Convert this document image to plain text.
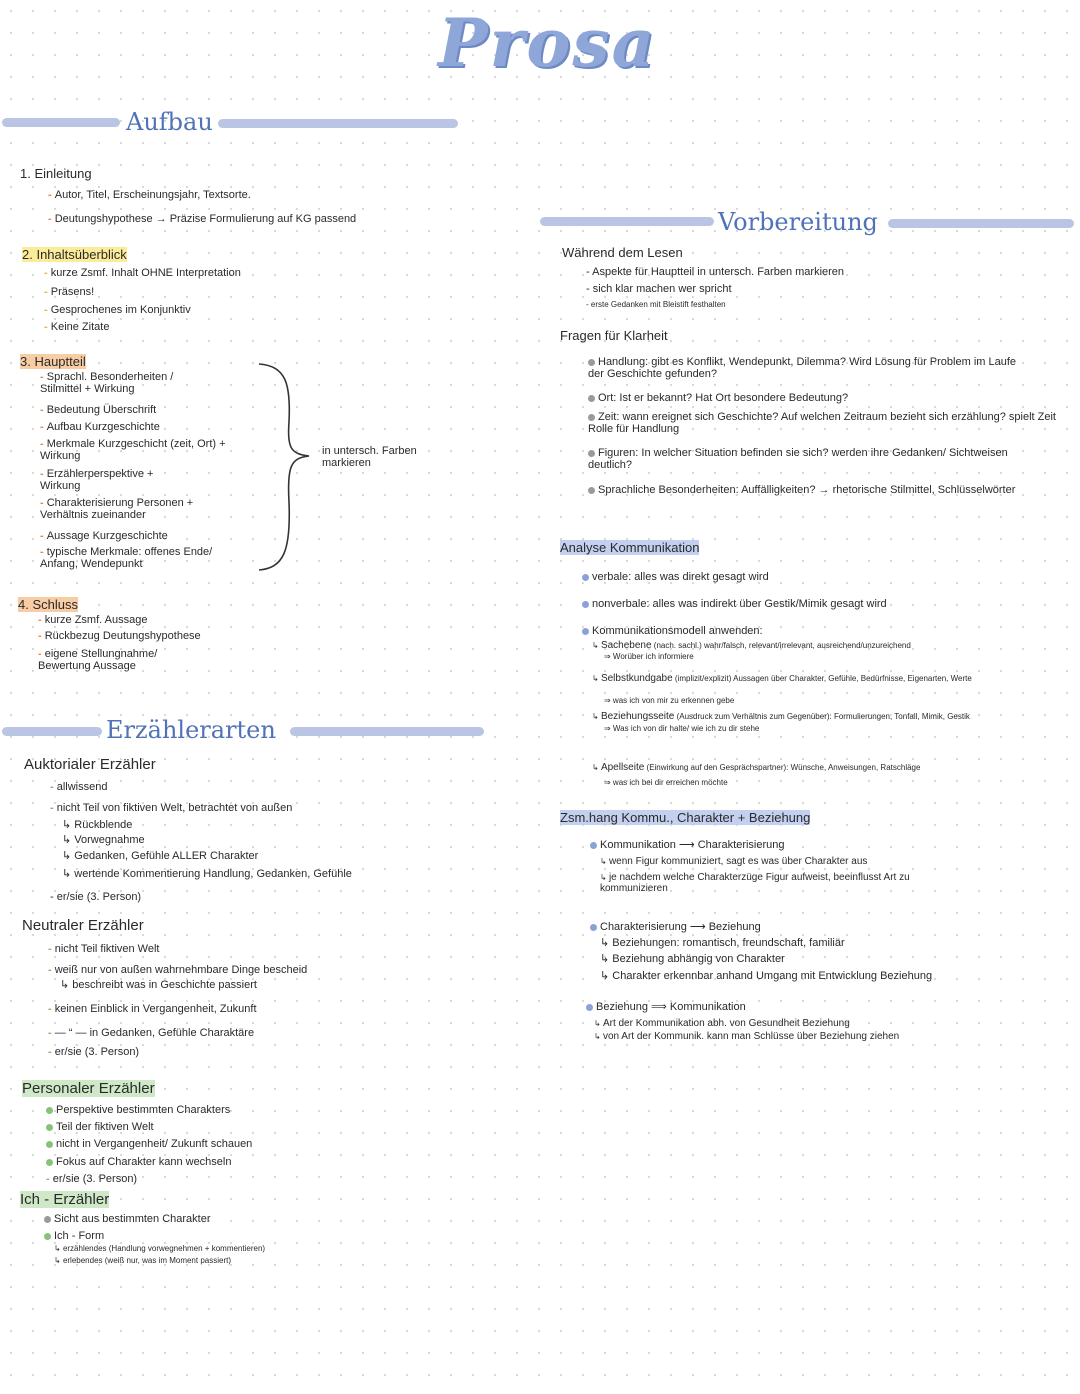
Prosa
Aufbau
1. Einleitung
- Autor, Titel, Erscheinungsjahr, Textsorte.
- Deutungshypothese → Präzise Formulierung auf KG passend
2. Inhaltsüberblick
- kurze Zsmf. Inhalt OHNE Interpretation
- Präsens!
- Gesprochenes im Konjunktiv
- Keine Zitate
3. Hauptteil
- Sprachl. Besonderheiten / Stilmittel + Wirkung
- Bedeutung Überschrift
- Aufbau Kurzgeschichte
- Merkmale Kurzgeschicht (zeit, Ort) + Wirkung
- Erzählerperspektive + Wirkung
- Charakterisierung Personen + Verhältnis zueinander
- Aussage Kurzgeschichte
- typische Merkmale: offenes Ende/ Anfang, Wendepunkt
in untersch. Farben markieren
4. Schluss
- kurze Zsmf. Aussage
- Rückbezug Deutungshypothese
- eigene Stellungnahme/ Bewertung Aussage
Erzählerarten
Auktorialer Erzähler
- allwissend
- nicht Teil von fiktiven Welt, betrachtet von außen
↳ Rückblende
↳ Vorwegnahme
↳ Gedanken, Gefühle ALLER Charakter
↳ wertende Kommentierung Handlung, Gedanken, Gefühle
- er/sie (3. Person)
Neutraler Erzähler
- nicht Teil fiktiven Welt
- weiß nur von außen wahrnehmbare Dinge bescheid
↳ beschreibt was in Geschichte passiert
- keinen Einblick in Vergangenheit, Zukunft
- — “ — in Gedanken, Gefühle Charaktäre
- er/sie (3. Person)
Personaler Erzähler
Perspektive bestimmten Charakters
Teil der fiktiven Welt
nicht in Vergangenheit/ Zukunft schauen
Fokus auf Charakter kann wechseln
- er/sie (3. Person)
Ich - Erzähler
Sicht aus bestimmten Charakter
Ich - Form
↳ erzählendes (Handlung vorwegnehmen + kommentieren)
↳ erlebendes (weiß nur, was im Moment passiert)
Vorbereitung
Während dem Lesen
- Aspekte für Hauptteil in untersch. Farben markieren
- sich klar machen wer spricht
- erste Gedanken mit Bleistift festhalten
Fragen für Klarheit
Handlung: gibt es Konflikt, Wendepunkt, Dilemma? Wird Lösung für Problem im Laufe der Geschichte gefunden?
Ort: Ist er bekannt? Hat Ort besondere Bedeutung?
Zeit: wann ereignet sich Geschichte? Auf welchen Zeitraum bezieht sich erzählung? spielt Zeit Rolle für Handlung
Figuren: In welcher Situation befinden sie sich? werden ihre Gedanken/ Sichtweisen deutlich?
Sprachliche Besonderheiten: Auffälligkeiten? → rhetorische Stilmittel, Schlüsselwörter
Analyse Kommunikation
verbale: alles was direkt gesagt wird
nonverbale: alles was indirekt über Gestik/Mimik gesagt wird
Kommunikationsmodell anwenden:
↳ Sachebene (nach. sachl.) wahr/falsch, relevant/irrelevant, ausreichend/unzureichend
⇒ Worüber ich informiere
↳ Selbstkundgabe (implizit/explizit) Aussagen über Charakter, Gefühle, Bedürfnisse, Eigenarten, Werte
⇒ was ich von mir zu erkennen gebe
↳ Beziehungsseite (Ausdruck zum Verhältnis zum Gegenüber): Formulierungen, Tonfall, Mimik, Gestik
⇒ Was ich von dir halte/ wie ich zu dir stehe
↳ Apellseite (Einwirkung auf den Gesprächspartner): Wünsche, Anweisungen, Ratschläge
⇒ was ich bei dir erreichen möchte
Zsm.hang Kommu., Charakter + Beziehung
Kommunikation ⟶ Charakterisierung
↳ wenn Figur kommuniziert, sagt es was über Charakter aus
↳ je nachdem welche Charakterzüge Figur aufweist, beeinflusst Art zu kommunizieren
Charakterisierung ⟶ Beziehung
↳ Beziehungen: romantisch, freundschaft, familiär
↳ Beziehung abhängig von Charakter
↳ Charakter erkennbar anhand Umgang mit Entwicklung Beziehung
Beziehung ⟹ Kommunikation
↳ Art der Kommunikation abh. von Gesundheit Beziehung
↳ von Art der Kommunik. kann man Schlüsse über Beziehung ziehen
